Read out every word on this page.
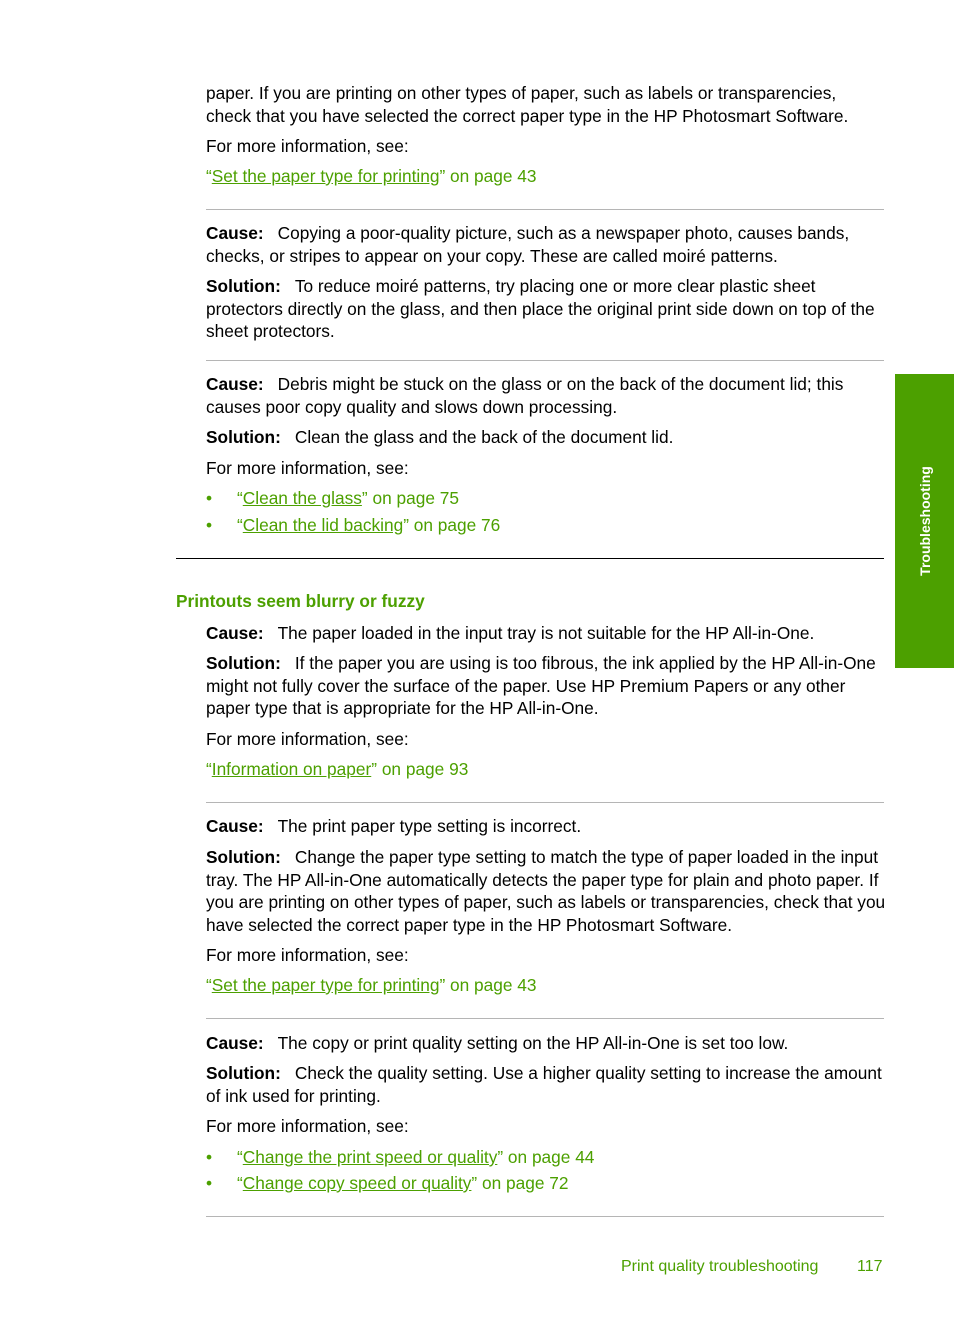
Troubleshooting

paper. If you are printing on other types of paper, such as labels or transparencies, check that you have selected the correct paper type in the HP Photosmart Software.

For more information, see:

“Set the paper type for printing” on page 43

Cause: Copying a poor-quality picture, such as a newspaper photo, causes bands, checks, or stripes to appear on your copy. These are called moiré patterns.

Solution: To reduce moiré patterns, try placing one or more clear plastic sheet protectors directly on the glass, and then place the original print side down on top of the sheet protectors.

Cause: Debris might be stuck on the glass or on the back of the document lid; this causes poor copy quality and slows down processing.

Solution: Clean the glass and the back of the document lid.

For more information, see:

• “Clean the glass” on page 75
• “Clean the lid backing” on page 76
Printouts seem blurry or fuzzy

Cause: The paper loaded in the input tray is not suitable for the HP All-in-One.

Solution: If the paper you are using is too fibrous, the ink applied by the HP All-in-One might not fully cover the surface of the paper. Use HP Premium Papers or any other paper type that is appropriate for the HP All-in-One.

For more information, see:

“Information on paper” on page 93

Cause: The print paper type setting is incorrect.

Solution: Change the paper type setting to match the type of paper loaded in the input tray. The HP All-in-One automatically detects the paper type for plain and photo paper. If you are printing on other types of paper, such as labels or transparencies, check that you have selected the correct paper type in the HP Photosmart Software.

For more information, see:

“Set the paper type for printing” on page 43

Cause: The copy or print quality setting on the HP All-in-One is set too low.

Solution: Check the quality setting. Use a higher quality setting to increase the amount of ink used for printing.

For more information, see:

• “Change the print speed or quality” on page 44
• “Change copy speed or quality” on page 72
Print quality troubleshooting 117
